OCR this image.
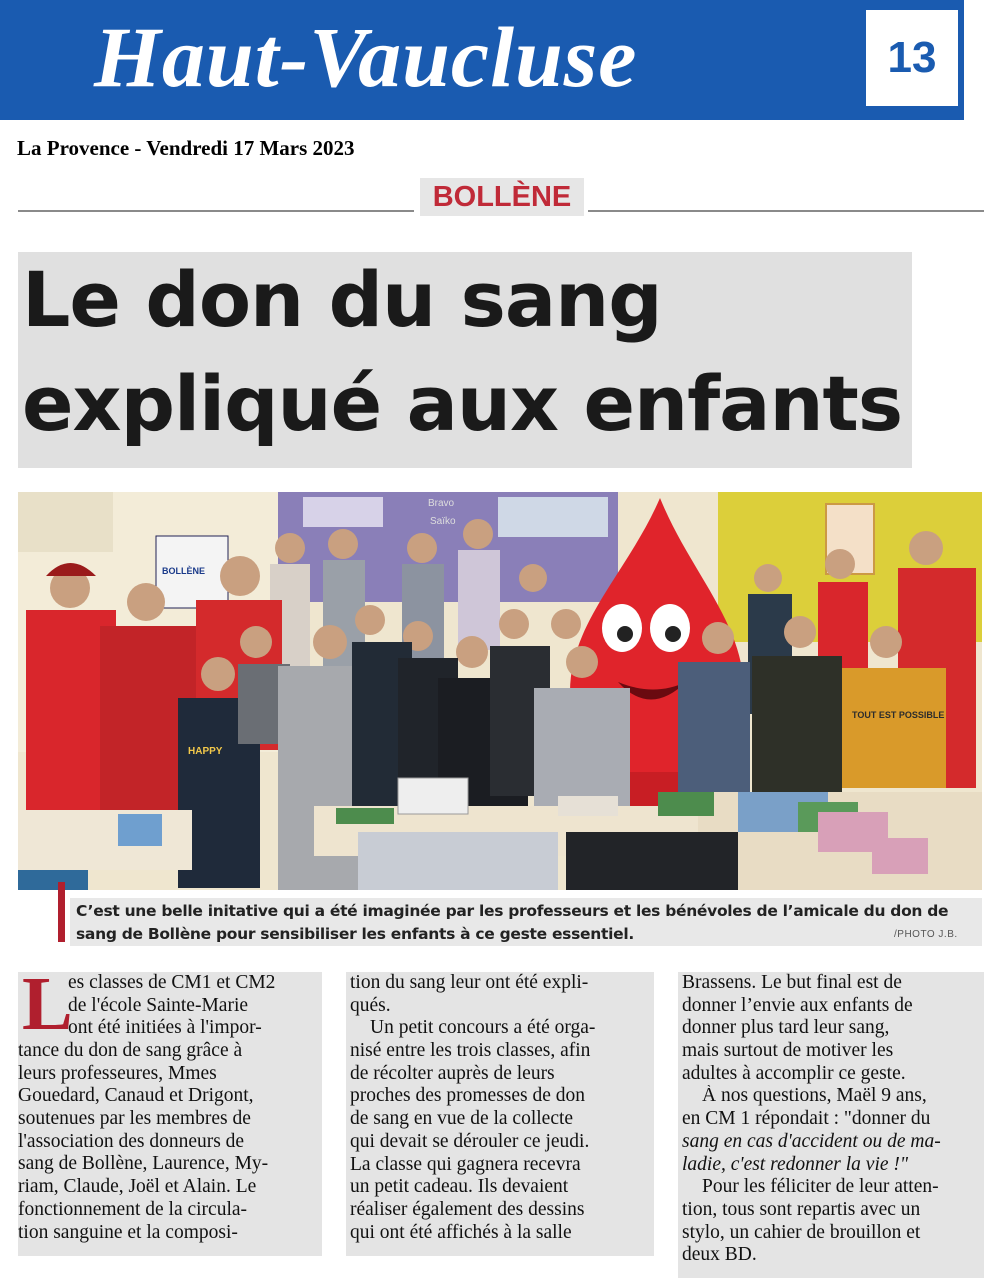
Haut-Vaucluse	13
La Provence - Vendredi 17 Mars 2023
BOLLÈNE
Le don du sang
expliqué aux enfants
Bravo
Saïko
BOLLÈNE
HAPPY
TOUT EST POSSIBLE
C’est une belle initative qui a été imaginée par les professeurs et les bénévoles de l’amicale du don de
sang de Bollène pour sensibiliser les enfants à ce geste essentiel.	/PHOTO J.B.
L
es classes de CM1 et CM2
de l'école Sainte-Marie
ont été initiées à l'impor-
tance du don de sang grâce à
leurs professeures, Mmes
Gouedard, Canaud et Drigont,
soutenues par les membres de
l'association des donneurs de
sang de Bollène, Laurence, My-
riam, Claude, Joël et Alain. Le
fonctionnement de la circula-
tion sanguine et la composi-
tion du sang leur ont été expli-
qués.
Un petit concours a été orga-
nisé entre les trois classes, afin
de récolter auprès de leurs
proches des promesses de don
de sang en vue de la collecte
qui devait se dérouler ce jeudi.
La classe qui gagnera recevra
un petit cadeau. Ils devaient
réaliser également des dessins
qui ont été affichés à la salle
Brassens. Le but final est de
donner l’envie aux enfants de
donner plus tard leur sang,
mais surtout de motiver les
adultes à accomplir ce geste.
À nos questions, Maël 9 ans,
en CM 1 répondait : "donner du
sang en cas d'accident ou de ma-
ladie, c'est redonner la vie !"
Pour les féliciter de leur atten-
tion, tous sont repartis avec un
stylo, un cahier de brouillon et
deux BD.
